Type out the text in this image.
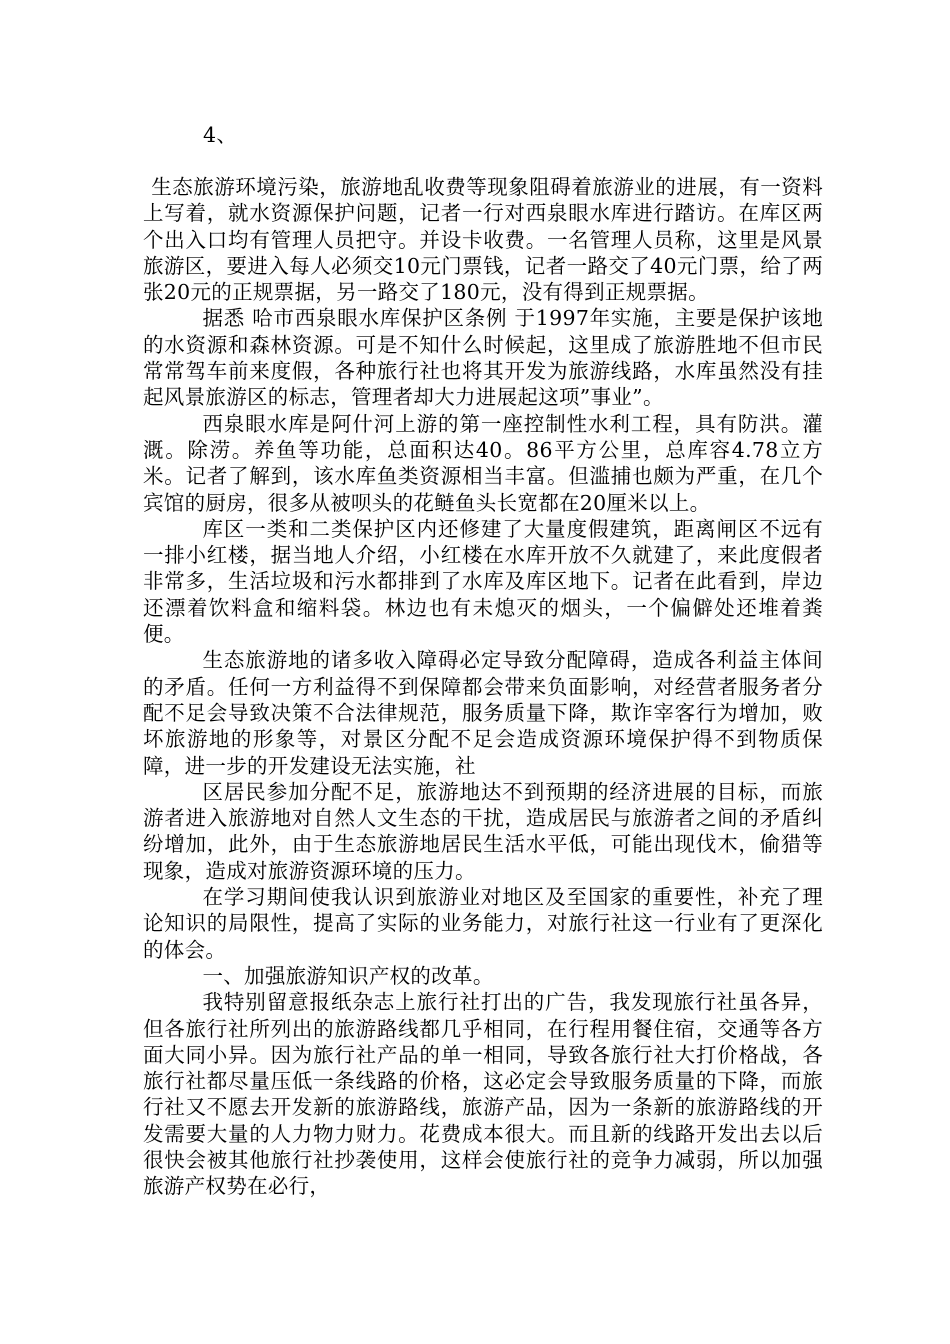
4、

生态旅游环境污染，旅游地乱收费等现象阻碍着旅游业的进展，有一资料上写着，就水资源保护问题，记者一行对西泉眼水库进行踏访。在库区两个出入口均有管理人员把守。并设卡收费。一名管理人员称，这里是风景旅游区，要进入每人必须交10元门票钱，记者一路交了40元门票，给了两张20元的正规票据，另一路交了180元，没有得到正规票据。

据悉 哈市西泉眼水库保护区条例 于1997年实施，主要是保护该地的水资源和森林资源。可是不知什么时候起，这里成了旅游胜地不但市民常常驾车前来度假，各种旅行社也将其开发为旅游线路，水库虽然没有挂起风景旅游区的标志，管理者却大力进展起这项”事业”。

西泉眼水库是阿什河上游的第一座控制性水利工程，具有防洪。灌溉。除涝。养鱼等功能，总面积达40。86平方公里，总库容4.78立方米。记者了解到，该水库鱼类资源相当丰富。但滥捕也颇为严重，在几个宾馆的厨房，很多从被呗头的花鲢鱼头长宽都在20厘米以上。

库区一类和二类保护区内还修建了大量度假建筑，距离闸区不远有一排小红楼，据当地人介绍，小红楼在水库开放不久就建了，来此度假者非常多，生活垃圾和污水都排到了水库及库区地下。记者在此看到，岸边还漂着饮料盒和缩料袋。林边也有未熄灭的烟头，一个偏僻处还堆着粪便。

生态旅游地的诸多收入障碍必定导致分配障碍，造成各利益主体间的矛盾。任何一方利益得不到保障都会带来负面影响，对经营者服务者分配不足会导致决策不合法律规范，服务质量下降，欺诈宰客行为增加，败坏旅游地的形象等，对景区分配不足会造成资源环境保护得不到物质保障，进一步的开发建设无法实施，社

区居民参加分配不足，旅游地达不到预期的经济进展的目标，而旅游者进入旅游地对自然人文生态的干扰，造成居民与旅游者之间的矛盾纠纷增加，此外，由于生态旅游地居民生活水平低，可能出现伐木，偷猎等现象，造成对旅游资源环境的压力。

在学习期间使我认识到旅游业对地区及至国家的重要性，补充了理论知识的局限性，提高了实际的业务能力，对旅行社这一行业有了更深化的体会。

一、加强旅游知识产权的改革。

我特别留意报纸杂志上旅行社打出的广告，我发现旅行社虽各异，但各旅行社所列出的旅游路线都几乎相同，在行程用餐住宿，交通等各方面大同小异。因为旅行社产品的单一相同，导致各旅行社大打价格战，各旅行社都尽量压低一条线路的价格，这必定会导致服务质量的下降，而旅行社又不愿去开发新的旅游路线，旅游产品，因为一条新的旅游路线的开发需要大量的人力物力财力。花费成本很大。而且新的线路开发出去以后很快会被其他旅行社抄袭使用，这样会使旅行社的竞争力减弱，所以加强旅游产权势在必行，
